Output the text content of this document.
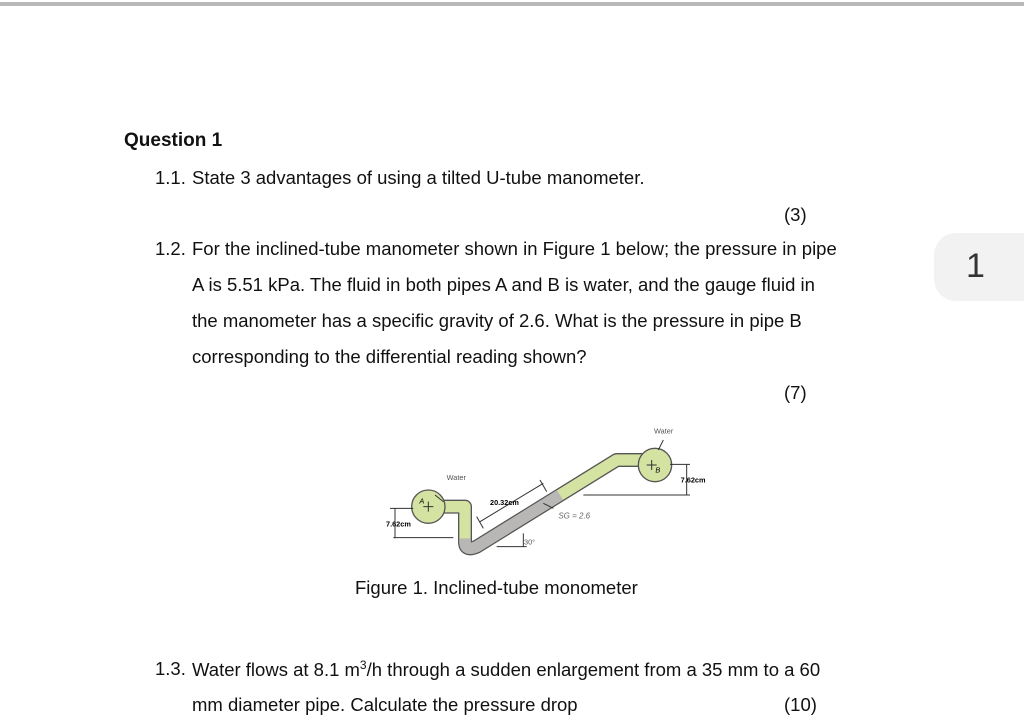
Question 1
1.1. State 3 advantages of using a tilted U-tube manometer.
(3)
1.2. For the inclined-tube manometer shown in Figure 1 below; the pressure in pipe
A is 5.51 kPa. The fluid in both pipes A and B is water, and the gauge fluid in
the manometer has a specific gravity of 2.6. What is the pressure in pipe B
corresponding to the differential reading shown?
(7)
1
A
B
Water
Water
20.32cm
SG = 2.6
7.62cm
7.62cm
30°
Figure 1. Inclined-tube monometer
1.3. Water flows at 8.1 $m^3/h$ through a sudden enlargement from a 35 mm to a 60
mm diameter pipe. Calculate the pressure drop	(10)
